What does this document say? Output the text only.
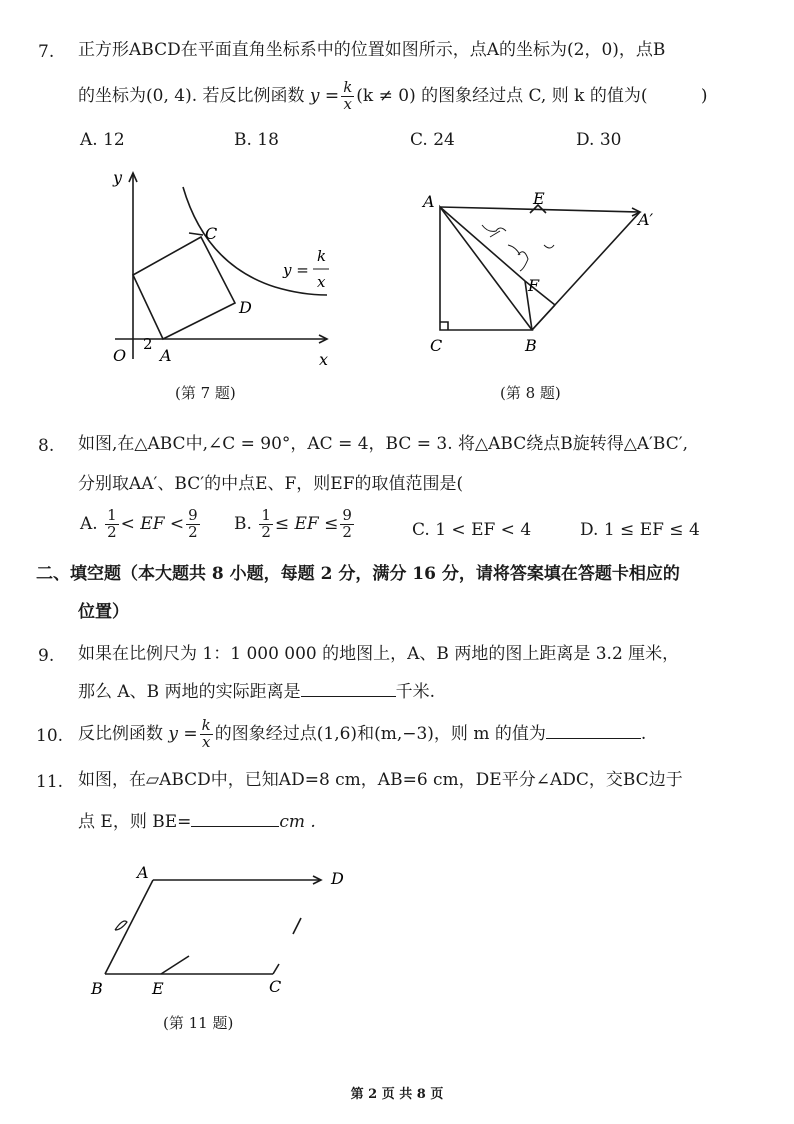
7. 正方形ABCD在平面直角坐标系中的位置如图所示，点A的坐标为(2，0)，点B
的坐标为(0, 4). 若反比例函数 $y = \frac{k}{x} (k \ne 0)$ 的图象经过点 C, 则 k 的值为(	)
A. 12	B. 18	C. 24	D. 30
y
x
O
2
A
C
D
y =
k
x
(第 7 题)
A	E
A′
F
C	B
(第 8 题)
8. 如图,在△ABC中,∠C = 90°，AC = 4，BC = 3. 将△ABC绕点B旋转得△A′BC′,
分别取AA′、BC′的中点E、F，则EF的取值范围是(
A. $\frac{1}{2}$ < EF < $\frac{9}{2} B$. $\frac{1}{2}$ ≤ EF ≤ $\frac{9}{2}$	C. 1 < EF < 4	D. 1 ≤ EF ≤ 4
二、填空题（本大题共 8 小题，每题 2 分，满分 16 分，请将答案填在答题卡相应的
位置）
9. 如果在比例尺为 1：1 000 000 的地图上，A、B 两地的图上距离是 3.2 厘米，
那么 A、B 两地的实际距离是	千米.
10. 反比例函数 $y = \frac{k}{x}$ 的图象经过点(1,6)和(m,−3)，则 m 的值为	.
11. 如图，在▱ABCD中，已知AD=8 cm，AB=6 cm，DE平分∠ADC，交BC边于
点 E，则 BE=	cm .
A	D
B	E	C
(第 11 题)
第 2 页 共 8 页
